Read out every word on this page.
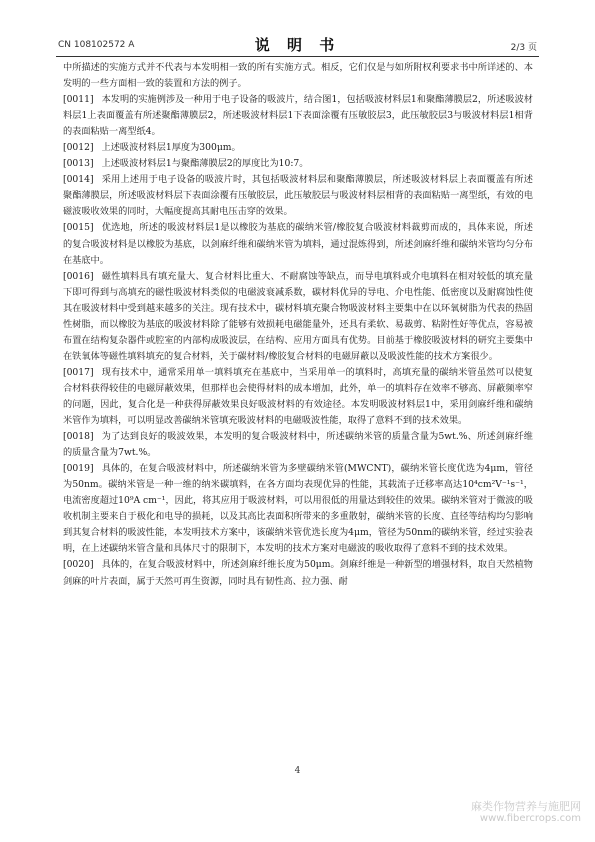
CN 108102572 A	说 明 书	2/3 页

中所描述的实施方式并不代表与本发明相一致的所有实施方式。相反，它们仅是与如所附权利要求书中所详述的、本发明的一些方面相一致的装置和方法的例子。

[0011] 本发明的实施例涉及一种用于电子设备的吸波片，结合图1，包括吸波材料层1和聚酯薄膜层2，所述吸波材料层1上表面覆盖有所述聚酯薄膜层2，所述吸波材料层1下表面涂覆有压敏胶层3，此压敏胶层3与吸波材料层1相背的表面粘贴一离型纸4。

[0012] 上述吸波材料层1厚度为300μm。

[0013] 上述吸波材料层1与聚酯薄膜层2的厚度比为10:7。

[0014] 采用上述用于电子设备的吸波片时，其包括吸波材料层和聚酯薄膜层，所述吸波材料层上表面覆盖有所述聚酯薄膜层，所述吸波材料层下表面涂覆有压敏胶层，此压敏胶层与吸波材料层相背的表面粘贴一离型纸，有效的电磁波吸收效果的同时，大幅度提高其耐电压击穿的效果。

[0015] 优选地，所述的吸波材料层1是以橡胶为基底的碳纳米管/橡胶复合吸波材料裁剪而成的，具体来说，所述的复合吸波材料是以橡胶为基底，以剑麻纤维和碳纳米管为填料，通过混炼得到，所述剑麻纤维和碳纳米管均匀分布在基底中。

[0016] 磁性填料具有填充量大、复合材料比重大、不耐腐蚀等缺点，而导电填料或介电填料在相对较低的填充量下即可得到与高填充的磁性吸波材料类似的电磁波衰减系数，碳材料优异的导电、介电性能、低密度以及耐腐蚀性使其在吸波材料中受到越来越多的关注。现有技术中，碳材料填充聚合物吸波材料主要集中在以环氧树脂为代表的热固性树脂，而以橡胶为基底的吸波材料除了能够有效损耗电磁能量外，还具有柔软、易裁剪、粘附性好等优点，容易被布置在结构复杂器件或腔室的内部构成吸波层，在结构、应用方面具有优势。目前基于橡胶吸波材料的研究主要集中在铁氧体等磁性填料填充的复合材料，关于碳材料/橡胶复合材料的电磁屏蔽以及吸波性能的技术方案很少。

[0017] 现有技术中，通常采用单一填料填充在基底中，当采用单一的填料时，高填充量的碳纳米管虽然可以使复合材料获得较佳的电磁屏蔽效果，但那样也会使得材料的成本增加，此外，单一的填料存在效率不够高、屏蔽频率窄的问题，因此，复合化是一种获得屏蔽效果良好吸波材料的有效途径。本发明吸波材料层1中，采用剑麻纤维和碳纳米管作为填料，可以明显改善碳纳米管填充吸波材料的电磁吸波性能，取得了意料不到的技术效果。

[0018] 为了达到良好的吸波效果，本发明的复合吸波材料中，所述碳纳米管的质量含量为5wt.%、所述剑麻纤维的质量含量为7wt.%。

[0019] 具体的，在复合吸波材料中，所述碳纳米管为多壁碳纳米管(MWCNT)，碳纳米管长度优选为4μm，管径为50nm。碳纳米管是一种一维的纳米碳填料，在各方面均表现优异的性能，其载流子迁移率高达10⁴cm²V⁻¹s⁻¹，电流密度超过10⁹A cm⁻¹，因此，将其应用于吸波材料，可以用很低的用量达到较佳的效果。碳纳米管对于微波的吸收机制主要来自于极化和电导的损耗，以及其高比表面积所带来的多重散射，碳纳米管的长度、直径等结构均匀影响到其复合材料的吸波性能，本发明技术方案中，该碳纳米管优选长度为4μm，管径为50nm的碳纳米管，经过实验表明，在上述碳纳米管含量和具体尺寸的限制下，本发明的技术方案对电磁波的吸收取得了意料不到的技术效果。

[0020] 具体的，在复合吸波材料中，所述剑麻纤维长度为50μm。剑麻纤维是一种新型的增强材料，取自天然植物剑麻的叶片表面，属于天然可再生资源，同时具有韧性高、拉力强、耐

4
麻类作物营养与施肥网
www.fibercrops.com
